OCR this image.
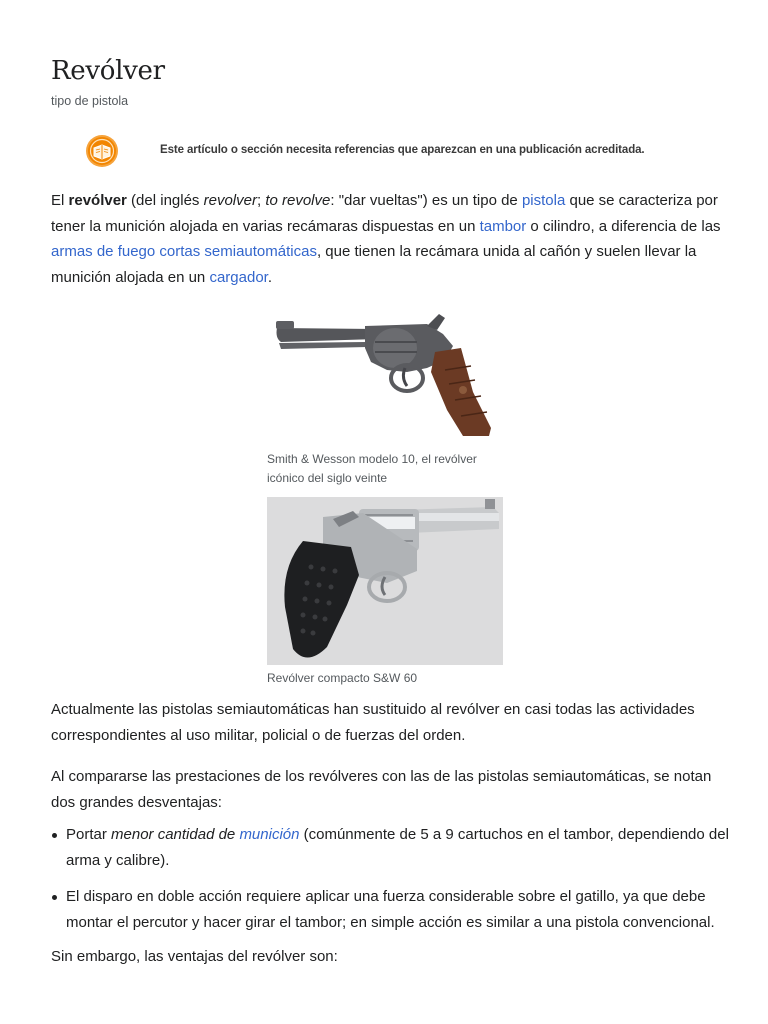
Revólver
tipo de pistola
Este artículo o sección necesita referencias que aparezcan en una publicación acreditada.

El revólver (del inglés revolver; to revolve: "dar vueltas") es un tipo de pistola que se caracteriza por tener la munición alojada en varias recámaras dispuestas en un tambor o cilindro, a diferencia de las armas de fuego cortas semiautomáticas, que tienen la recámara unida al cañón y suelen llevar la munición alojada en un cargador.

Smith & Wesson modelo 10, el revólver icónico del siglo veinte
Revólver compacto S&W 60

Actualmente las pistolas semiautomáticas han sustituido al revólver en casi todas las actividades correspondientes al uso militar, policial o de fuerzas del orden.

Al compararse las prestaciones de los revólveres con las de las pistolas semiautomáticas, se notan dos grandes desventajas:

Portar menor cantidad de munición (comúnmente de 5 a 9 cartuchos en el tambor, dependiendo del arma y calibre).
El disparo en doble acción requiere aplicar una fuerza considerable sobre el gatillo, ya que debe montar el percutor y hacer girar el tambor; en simple acción es similar a una pistola convencional.

Sin embargo, las ventajas del revólver son:
